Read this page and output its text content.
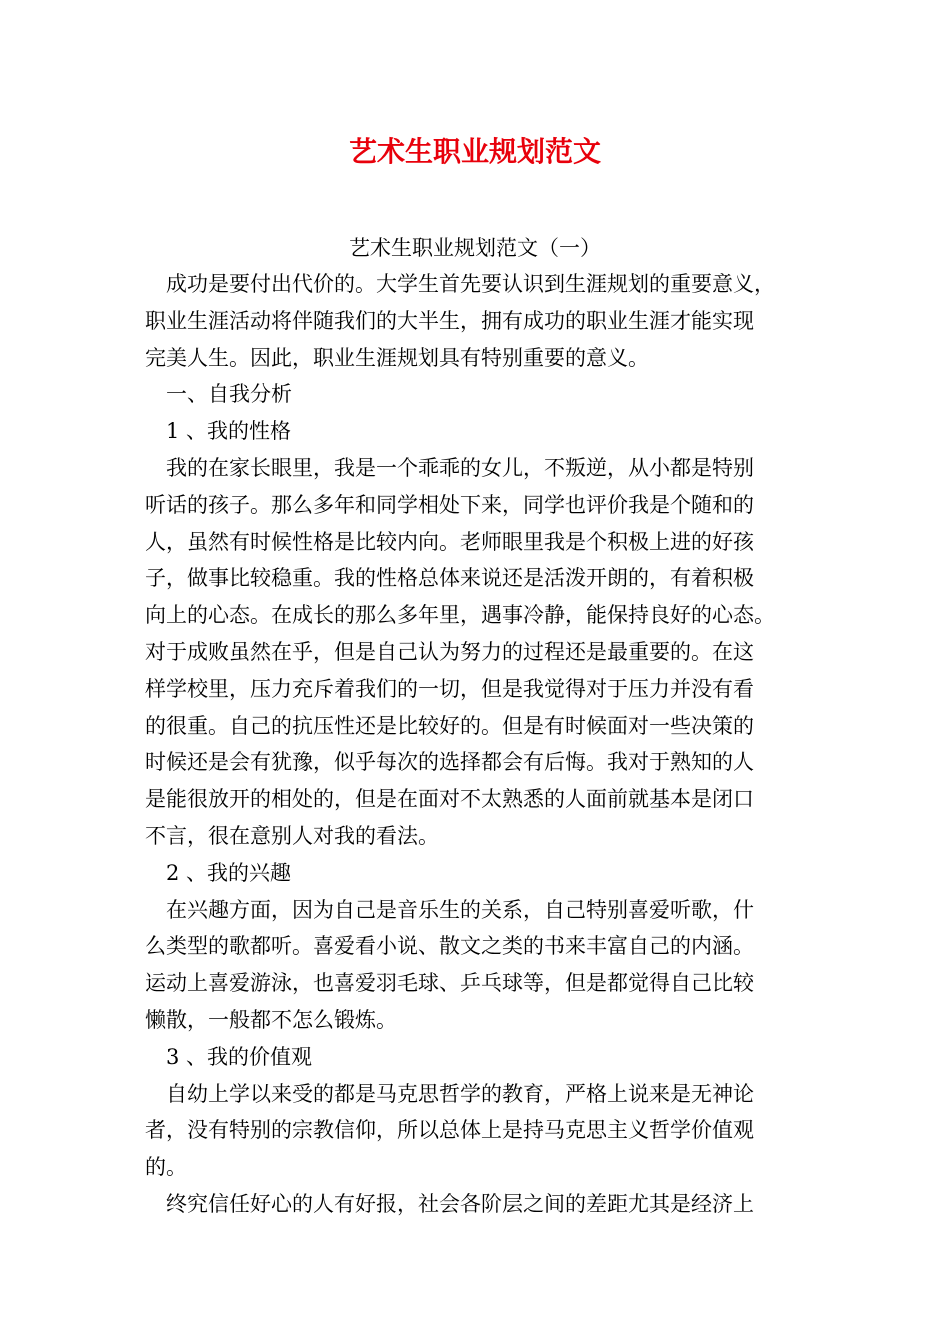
艺术生职业规划范文
艺术生职业规划范文（一）
成功是要付出代价的。大学生首先要认识到生涯规划的重要意义，
职业生涯活动将伴随我们的大半生，拥有成功的职业生涯才能实现
完美人生。因此，职业生涯规划具有特别重要的意义。
一、自我分析
1 、我的性格
我的在家长眼里，我是一个乖乖的女儿，不叛逆，从小都是特别
听话的孩子。那么多年和同学相处下来，同学也评价我是个随和的
人，虽然有时候性格是比较内向。老师眼里我是个积极上进的好孩
子，做事比较稳重。我的性格总体来说还是活泼开朗的，有着积极
向上的心态。在成长的那么多年里，遇事冷静，能保持良好的心态。
对于成败虽然在乎，但是自己认为努力的过程还是最重要的。在这
样学校里，压力充斥着我们的一切，但是我觉得对于压力并没有看
的很重。自己的抗压性还是比较好的。但是有时候面对一些决策的
时候还是会有犹豫，似乎每次的选择都会有后悔。我对于熟知的人
是能很放开的相处的，但是在面对不太熟悉的人面前就基本是闭口
不言，很在意别人对我的看法。
2 、我的兴趣
在兴趣方面，因为自己是音乐生的关系，自己特别喜爱听歌，什
么类型的歌都听。喜爱看小说、散文之类的书来丰富自己的内涵。
运动上喜爱游泳，也喜爱羽毛球、乒乓球等，但是都觉得自己比较
懒散，一般都不怎么锻炼。
3 、我的价值观
自幼上学以来受的都是马克思哲学的教育，严格上说来是无神论
者，没有特别的宗教信仰，所以总体上是持马克思主义哲学价值观
的。
终究信任好心的人有好报，社会各阶层之间的差距尤其是经济上
